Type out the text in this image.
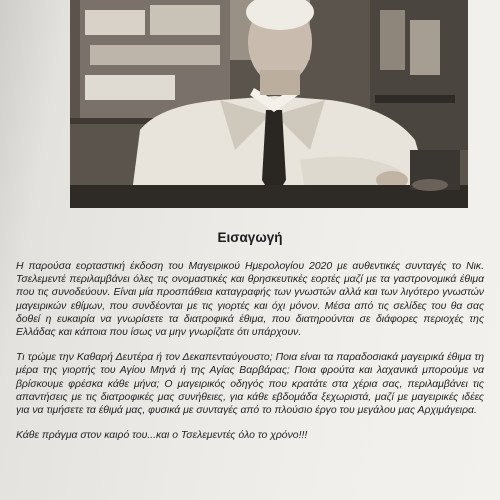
Εισαγωγή

Η παρούσα εορταστική έκδοση του Μαγειρικού Ημερολογίου 2020 με αυθεντικές συνταγές το Νικ. Τσελεμεντέ περιλαμβάνει όλες τις ονομαστικές και θρησκευτικές εορτές μαζί με τα γαστρονομικά έθιμα που τις συνοδεύουν. Είναι μία προσπάθεια καταγραφής των γνωστών αλλά και των λιγότερο γνωστών μαγειρικών εθίμων, που συνδέονται με τις γιορτές και όχι μόνον. Μέσα από τις σελίδες του θα σας δοθεί η ευκαιρία να γνωρίσετε τα διατροφικά έθιμα, που διατηρούνται σε διάφορες περιοχές της Ελλάδας και κάποια που ίσως να μην γνωρίζατε ότι υπάρχουν.

Τι τρώμε την Καθαρή Δευτέρα ή τον Δεκαπενταύγουστο; Ποια είναι τα παραδοσιακά μαγειρικά έθιμα τη μέρα της γιορτής του Αγίου Μηνά ή της Αγίας Βαρβάρας; Ποια φρούτα και λαχανικά μπορούμε να βρίσκουμε φρέσκα κάθε μήνα; Ο μαγειρικός οδηγός που κρατάτε στα χέρια σας, περιλαμβάνει τις απαντήσεις με τις διατροφικές μας συνήθειες, για κάθε εβδομάδα ξεχωριστά, μαζί με μαγειρικές ιδέες για να τιμήσετε τα έθιμά μας, φυσικά με συνταγές από το πλούσιο έργο του μεγάλου μας Αρχιμάγειρα.

Κάθε πράγμα στον καιρό του...και ο Τσελεμεντές όλο το χρόνο!!!
